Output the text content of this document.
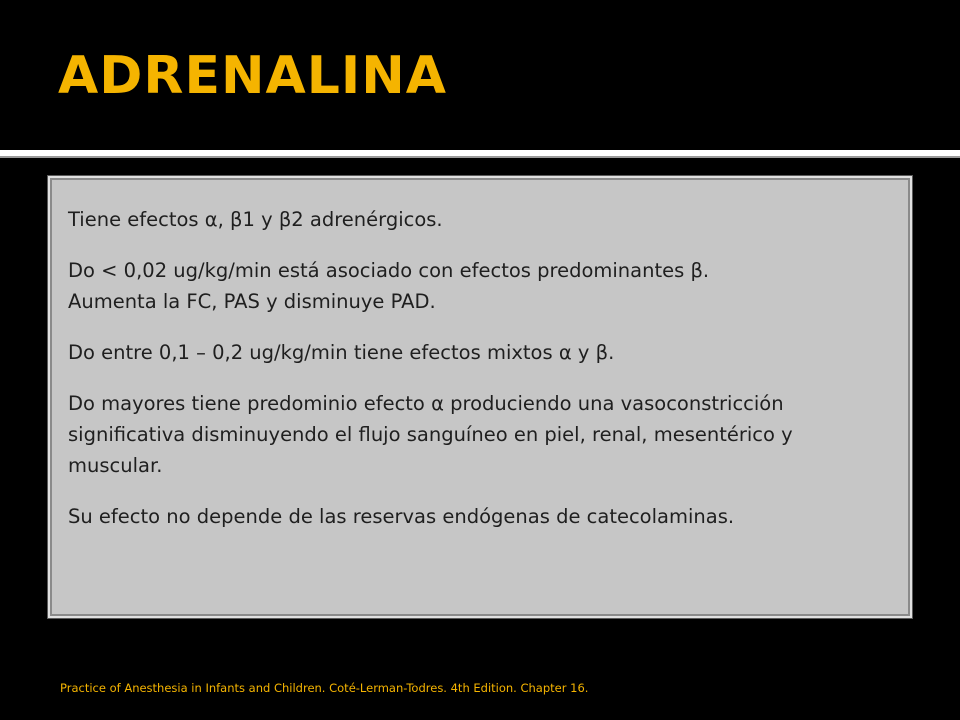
ADRENALINA

Tiene efectos α, β1 y β2 adrenérgicos.

Do < 0,02 ug/kg/min está asociado con efectos predominantes β.
Aumenta la FC, PAS y disminuye PAD.

Do entre 0,1 – 0,2 ug/kg/min tiene efectos mixtos α y β.

Do mayores tiene predominio efecto α produciendo una vasoconstricción
significativa disminuyendo el flujo sanguíneo en piel, renal, mesentérico y
muscular.

Su efecto no depende de las reservas endógenas de catecolaminas.

Practice of Anesthesia in Infants and Children. Coté-Lerman-Todres. 4th Edition. Chapter 16.
